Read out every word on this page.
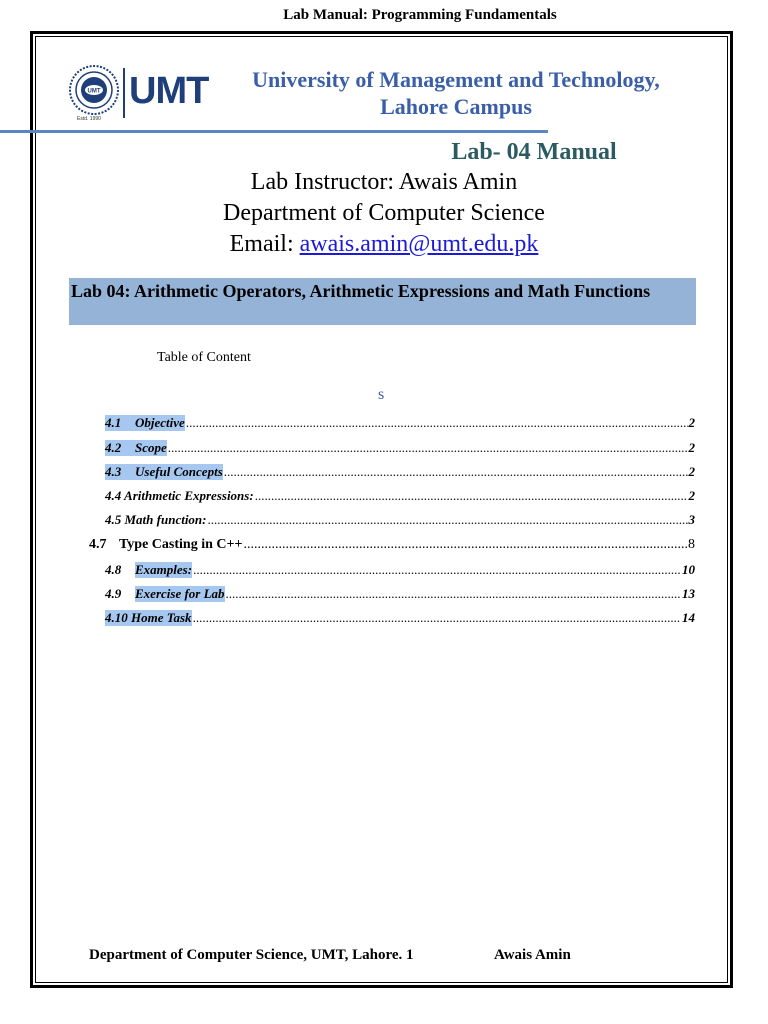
Lab Manual: Programming Fundamentals
UMT
Estd. 1990
UMT	University of Management and Technology,
Lahore Campus
Lab- 04 Manual
Lab Instructor: Awais Amin
Department of Computer Science
Email: awais.amin@umt.edu.pk
Lab 04: Arithmetic Operators, Arithmetic Expressions and Math Functions
Table of Content
s
4.1	Objective .....	2
4.2	Scope .....	2
4.3	Useful Concepts .....	2
4.4 Arithmetic Expressions: .....	2
4.5 Math function: .....	3
4.7 Type Casting in C++ .....	8
4.8	Examples: .....	10
4.9	Exercise for Lab .....	13
4.10 Home Task .....	14
Department of Computer Science, UMT, Lahore. 1	Awais Amin
